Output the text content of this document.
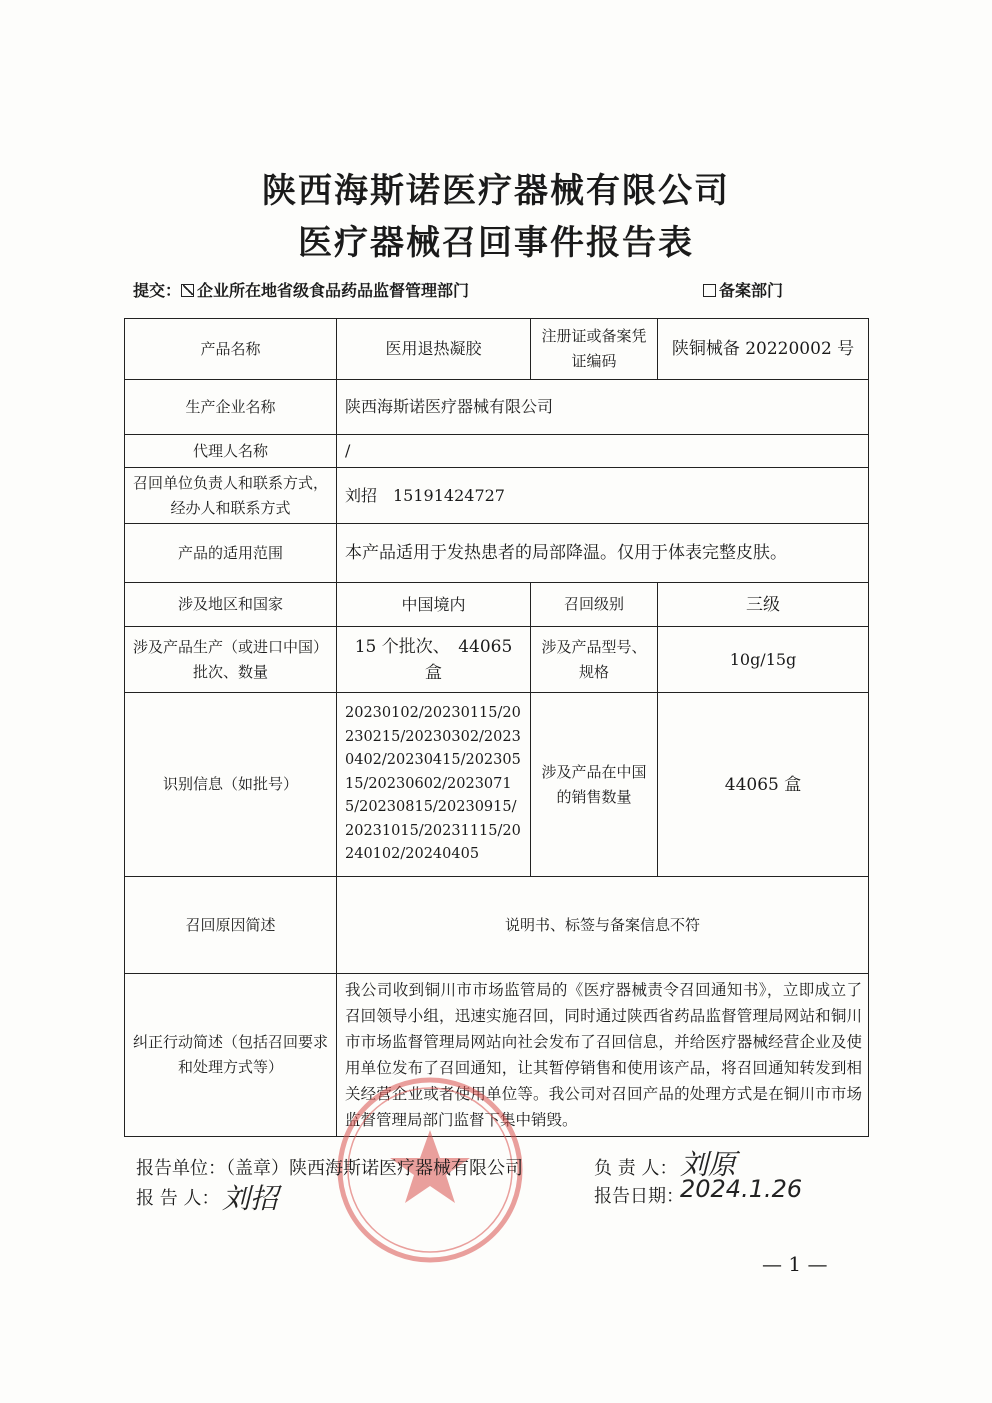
陕西海斯诺医疗器械有限公司
医疗器械召回事件报告表
提交： 企业所在地省级食品药品监督管理部门	备案部门
产品名称	医用退热凝胶	注册证或备案凭证编码	陕铜械备 20220002 号
生产企业名称	陕西海斯诺医疗器械有限公司		
代理人名称	/		
召回单位负责人和联系方式，经办人和联系方式	刘招　15191424727		
产品的适用范围	本产品适用于发热患者的局部降温。仅用于体表完整皮肤。		
涉及地区和国家	中国境内	召回级别	三级
涉及产品生产（或进口中国）批次、数量	15 个批次、　44065 盒	涉及产品型号、规格	10g/15g
识别信息（如批号）	20230102/20230115/20230215/20230302/20230402/20230415/20230515/20230602/20230715/20230815/20230915/20231015/20231115/20240102/20240405	涉及产品在中国的销售数量	44065 盒
召回原因简述	说明书、标签与备案信息不符		
纠正行动简述（包括召回要求和处理方式等）	我公司收到铜川市市场监管局的《医疗器械责令召回通知书》，立即成立了召回领导小组，迅速实施召回，同时通过陕西省药品监督管理局网站和铜川市市场监督管理局网站向社会发布了召回信息，并给医疗器械经营企业及使用单位发布了召回通知，让其暂停销售和使用该产品，将召回通知转发到相关经营企业或者使用单位等。我公司对召回产品的处理方式是在铜川市市场监督管理局部门监督下集中销毁。		
报告单位：（盖章）陕西海斯诺医疗器械有限公司	负 责 人： 刘原
报 告 人： 刘招	报告日期：
2024.1.26
— 1 —
